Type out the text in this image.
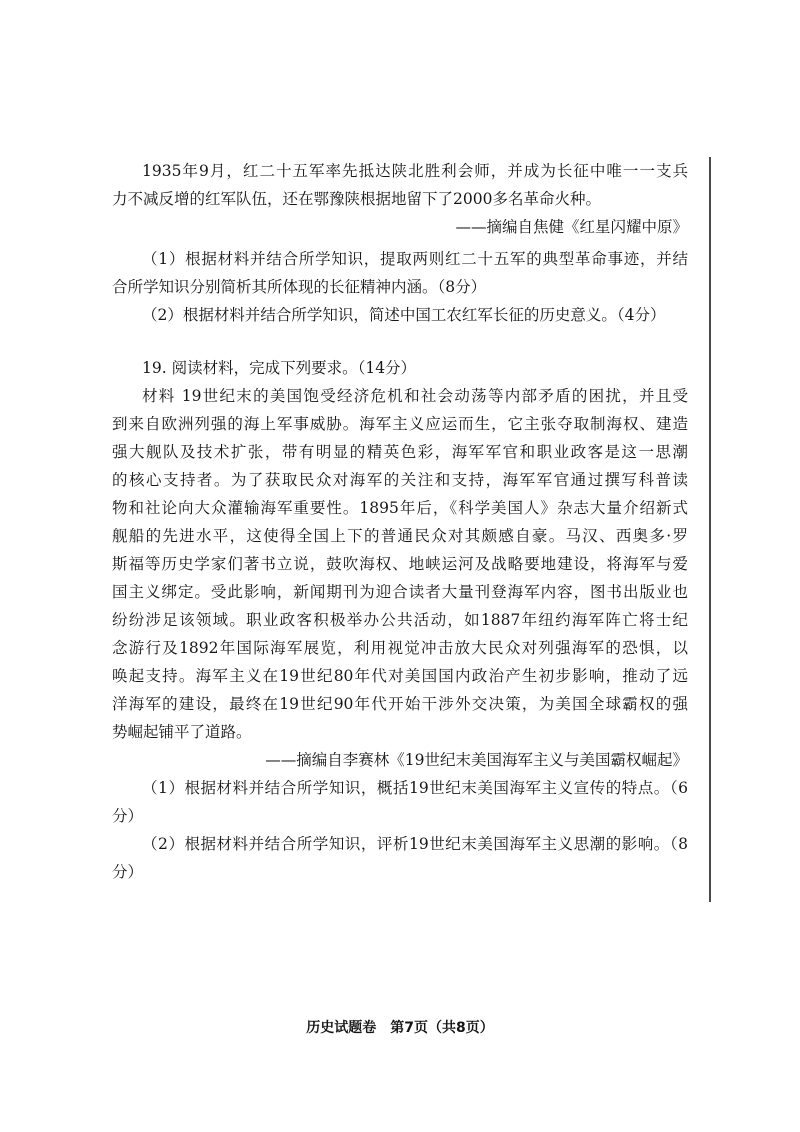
1935年9月，红二十五军率先抵达陕北胜利会师，并成为长征中唯一一支兵
力不减反增的红军队伍，还在鄂豫陕根据地留下了2000多名革命火种。
——摘编自焦健《红星闪耀中原》
（1）根据材料并结合所学知识，提取两则红二十五军的典型革命事迹，并结
合所学知识分别简析其所体现的长征精神内涵。（8分）
（2）根据材料并结合所学知识，简述中国工农红军长征的历史意义。（4分）
19. 阅读材料，完成下列要求。（14分）
材料 19世纪末的美国饱受经济危机和社会动荡等内部矛盾的困扰，并且受
到来自欧洲列强的海上军事威胁。海军主义应运而生，它主张夺取制海权、建造
强大舰队及技术扩张，带有明显的精英色彩，海军军官和职业政客是这一思潮
的核心支持者。为了获取民众对海军的关注和支持，海军军官通过撰写科普读
物和社论向大众灌输海军重要性。1895年后，《科学美国人》杂志大量介绍新式
舰船的先进水平，这使得全国上下的普通民众对其颇感自豪。马汉、西奥多·罗
斯福等历史学家们著书立说，鼓吹海权、地峡运河及战略要地建设，将海军与爱
国主义绑定。受此影响，新闻期刊为迎合读者大量刊登海军内容，图书出版业也
纷纷涉足该领域。职业政客积极举办公共活动，如1887年纽约海军阵亡将士纪
念游行及1892年国际海军展览，利用视觉冲击放大民众对列强海军的恐惧，以
唤起支持。海军主义在19世纪80年代对美国国内政治产生初步影响，推动了远
洋海军的建设，最终在19世纪90年代开始干涉外交决策，为美国全球霸权的强
势崛起铺平了道路。
——摘编自李赛林《19世纪末美国海军主义与美国霸权崛起》
（1）根据材料并结合所学知识，概括19世纪末美国海军主义宣传的特点。（6
分）
（2）根据材料并结合所学知识，评析19世纪末美国海军主义思潮的影响。（8
分）
历史试题卷　第7页（共8页）
